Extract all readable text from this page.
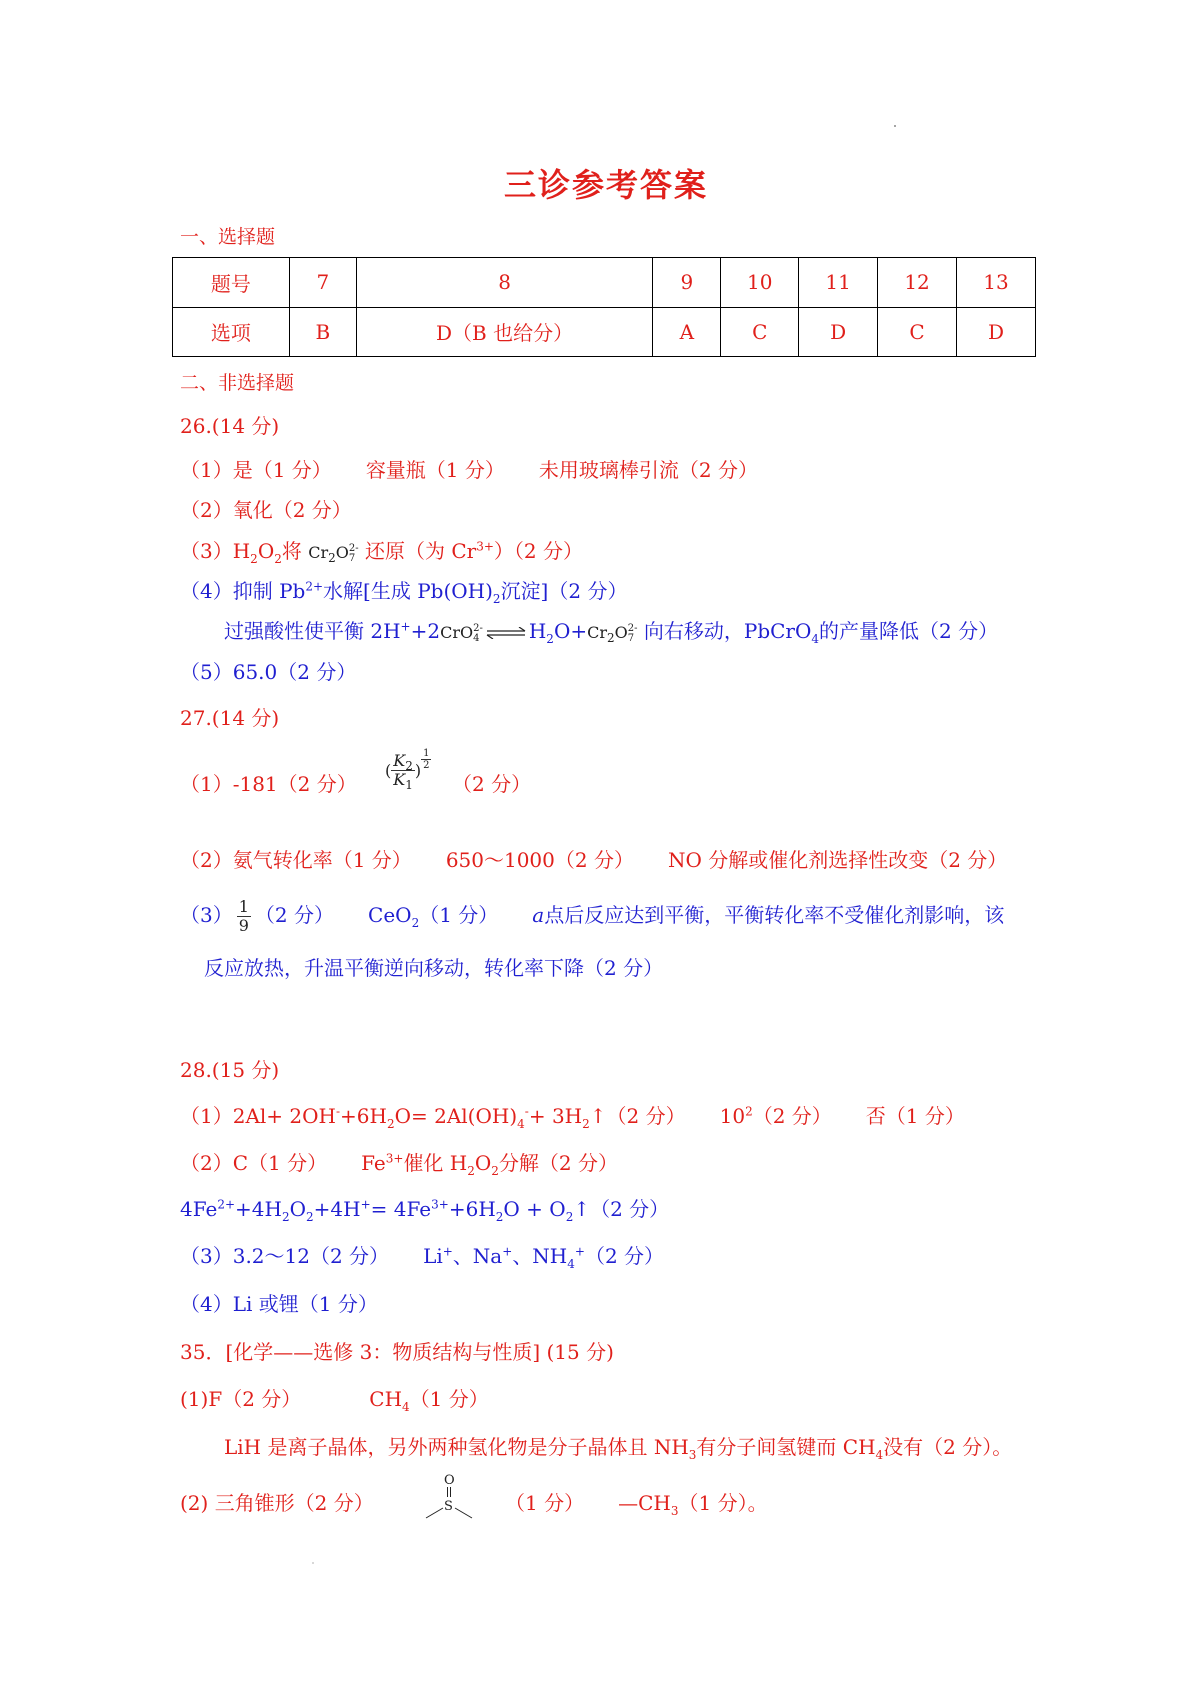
三诊参考答案
一、选择题
题号	7	8	9	10	11	12	13
选项	B	D（B 也给分）	A	C	D	C	D
二、非选择题
26.(14 分)
（1）是（1 分） 容量瓶（1 分） 未用玻璃棒引流（2 分）
（2）氧化（2 分）
$(3)H_2O_2$将 $Cr_2O$ 2-
7 还原（为 $Cr^{3+})(2$ 分）
（4）抑制 $Pb^{2+}$水解[生成 $Pb(OH)_2$沉淀]（2 分）
过强酸性使平衡 2H++2CrO 2-
4 ⇌ $H_2O+Cr_2O$ 2-
7 向右移动，PbCrO$_4$的产量降低（2 分）
（5）65.0（2 分）
27.(14 分)
（1）-181（2 分）
( $\frac{K_2}{K_1}$ ) $\frac{1}{2}$
（2 分）
（2）氨气转化率（1 分） 650～1000（2 分） NO 分解或催化剂选择性改变（2 分）
$(3) \frac{1}{9} (2$ 分） CeO$_2$（1 分） a点后反应达到平衡，平衡转化率不受催化剂影响，该
反应放热，升温平衡逆向移动，转化率下降（2 分）
28.(15 分)
$(1)2Al+ 2OH^-+6H_2O= 2Al(OH)_4^-+$ $3H_2↑(2$ 分） $10^2(2$ 分） 否（1 分）
（2）C（1 分） $Fe^{3+}$催化 $H_2O_2$分解（2 分）
$4Fe^{2+}+4H_2O_2+4H^+= 4Fe^{3+}+6H_2O$ + $O_2↑(2$ 分）
（3）3.2～12（2 分） Li+、Na+、$NH_4^+(2$ 分）
（4）Li 或锂（1 分）
35．[化学——选修 3：物质结构与性质] (15 分)
(1)F（2 分）	$CH_4(1$ 分）
LiH 是离子晶体，另外两种氢化物是分子晶体且 $NH_3$有分子间氢键而 $CH_4$没有（2 分）。
(2) 三角锥形（2 分）
O
S	（1 分） $—CH_3(1$ 分）。
